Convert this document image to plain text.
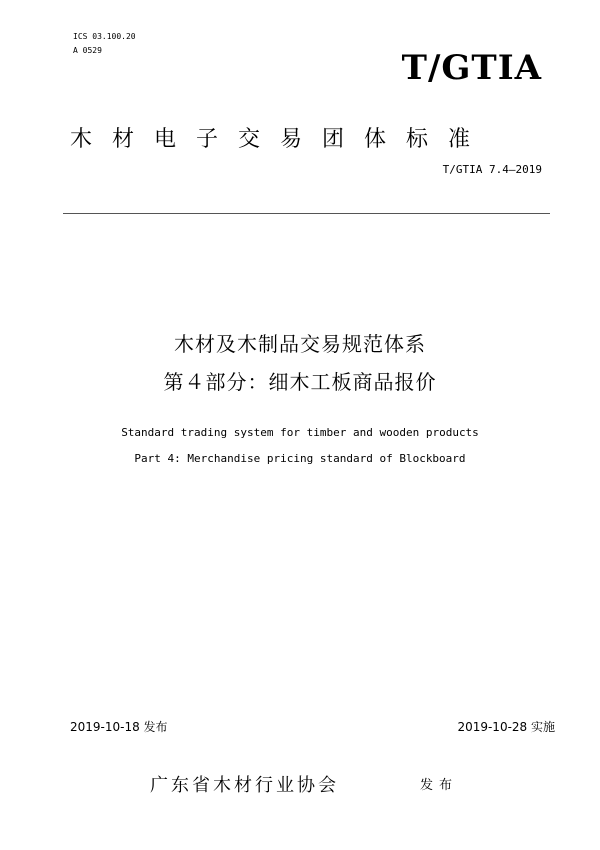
ICS 03.100.20
A 0529	T/GTIA
木材电子交易团体标准
T/GTIA 7.4—2019
木材及木制品交易规范体系
第４部分：细木工板商品报价
Standard trading system for timber and wooden products
Part 4: Merchandise pricing standard of Blockboard
2019-10-18 发布	2019-10-28 实施
广东省木材行业协会	发布
